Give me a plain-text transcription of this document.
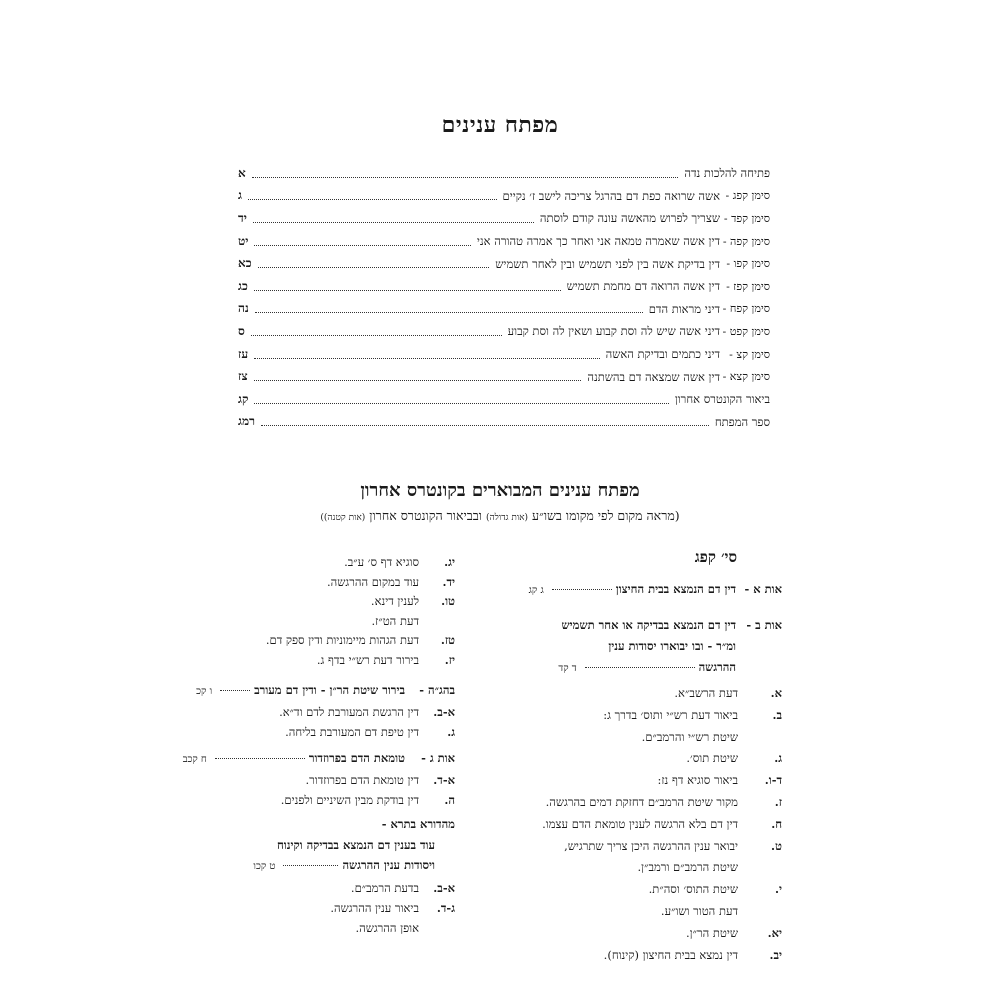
מפתח ענינים
פתיחה להלכות נדה
א
סימן קפג -
אשה שרואה כפת דם בהרגל צריכה לישב ז׳ נקיים
ג
סימן קפד -
שצריך לפרוש מהאשה עונה קודם לוסתה
יד
סימן קפה -
דין אשה שאמרה טמאה אני ואחר כך אמרה טהורה אני
יט
סימן קפו -
דין בדיקת אשה בין לפני תשמיש ובין לאחר תשמיש
כא
סימן קפז -
דין אשה הרואה דם מחמת תשמיש
כג
סימן קפח -
דיני מראות הדם
נה
סימן קפט -
דיני אשה שיש לה וסת קבוע ושאין לה וסת קבוע
ס
סימן קצ -
דיני כתמים ובדיקת האשה
עז
סימן קצא -
דין אשה שמצאה דם בהשתנה
צז
ביאור הקונטרס אחרון
קג
ספר המפתח
רמג
מפתח ענינים המבוארים בקונטרס אחרון
(מראה מקום לפי מקומו בשו״ע (אות גדולה) ובביאור הקונטרס אחרון (אות קטנה))
סי׳ קפג
אות א -
דין דם הנמצא בבית החיצון
ג קג
אות ב -
דין דם הנמצא בבדיקה או אחר תשמיש
ומ״ר - ובו יבוארו יסודות ענין
ההרגשה
ד קד
א.
דעת הרשב״א.
ב.
ביאור דעת רש״י ותוס׳ בדרך ג:
שיטת רש״י והרמב״ם.
ג.
שיטת תוס׳.
ד-ו.
ביאור סוגיא דף נז:
ז.
מקור שיטת הרמב״ם דחזקת דמים בהרגשה.
ח.
דין דם בלא הרגשה לענין טומאת הדם עצמו.
ט.
יבואר ענין ההרגשה היכן צריך שתרגיש,
שיטת הרמב״ם ורמב״ן.
י.
שיטת התוס׳ וסה״ת.
דעת הטור ושו״ע.
יא.
שיטת הר״ן.
יב.
דין נמצא בבית החיצון (קינוח).
יג.
סוגיא דף ס׳ ע״ב.
יד.
עוד במקום ההרגשה.
טו.
לענין דינא.
דעת הט״ז.
טז.
דעת הגהות מיימוניות ודין ספק דם.
יז.
בירור דעת רש״י בדף ג.
בהג״ה -
בירור שיטת הר״ן - ודין דם מעורב
ו קכ
א-ב.
דין הרגשת המעורבת לדם וד״א.
ג.
דין טיפת דם המעורבת בליחה.
אות ג -
טומאת הדם בפרוזדור
ח קכב
א-ד.
דין טומאת הדם בפרוזדור.
ה.
דין בודקת מבין השיניים ולפנים.
מהדורא בתרא -
עוד בענין דם הנמצא בבדיקה וקינוח
ויסודות ענין ההרגשה
ט קכו
א-ב.
בדעת הרמב״ם.
ג-ד.
ביאור ענין ההרגשה.
אופן ההרגשה.
